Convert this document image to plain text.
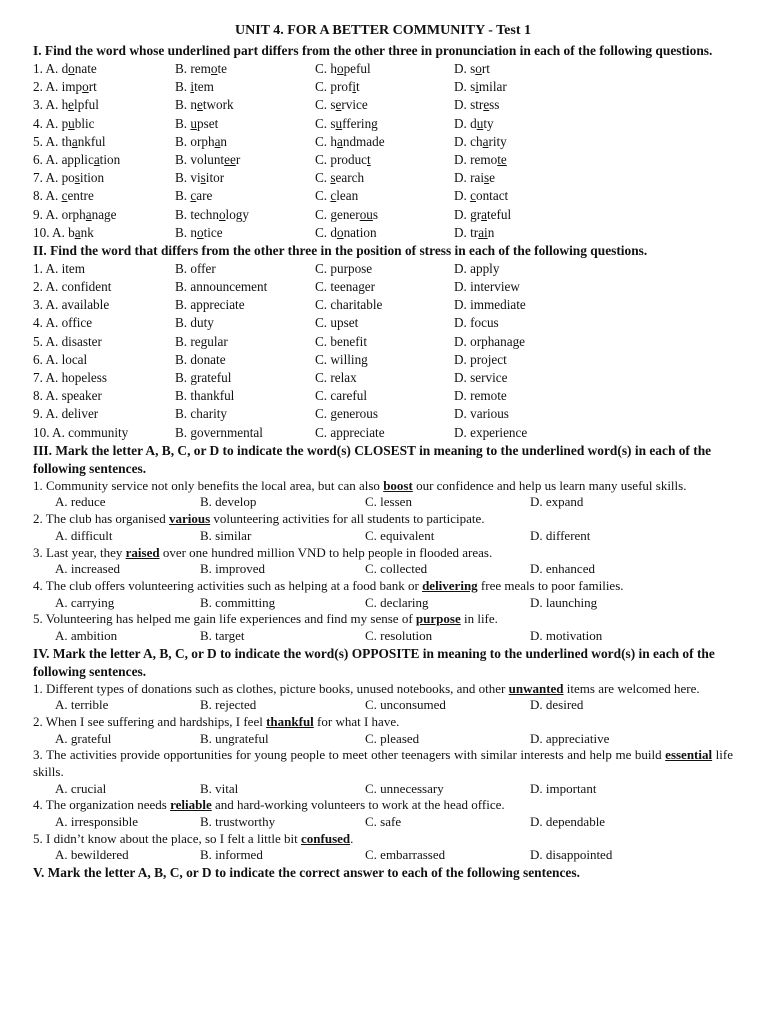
UNIT 4. FOR A BETTER COMMUNITY - Test 1
I. Find the word whose underlined part differs from the other three in pronunciation in each of the following questions.
1. A. donate	B. remote	C. hopeful	D. sort
2. A. import	B. item	C. profit	D. similar
3. A. helpful	B. network	C. service	D. stress
4. A. public	B. upset	C. suffering	D. duty
5. A. thankful	B. orphan	C. handmade	D. charity
6. A. application	B. volunteer	C. product	D. remote
7. A. position	B. visitor	C. search	D. raise
8. A. centre	B. care	C. clean	D. contact
9. A. orphanage	B. technology	C. generous	D. grateful
10. A. bank	B. notice	C. donation	D. train
II. Find the word that differs from the other three in the position of stress in each of the following questions.
1. A. item	B. offer	C. purpose	D. apply
2. A. confident	B. announcement	C. teenager	D. interview
3. A. available	B. appreciate	C. charitable	D. immediate
4. A. office	B. duty	C. upset	D. focus
5. A. disaster	B. regular	C. benefit	D. orphanage
6. A. local	B. donate	C. willing	D. project
7. A. hopeless	B. grateful	C. relax	D. service
8. A. speaker	B. thankful	C. careful	D. remote
9. A. deliver	B. charity	C. generous	D. various
10. A. community	B. governmental	C. appreciate	D. experience
III. Mark the letter A, B, C, or D to indicate the word(s) CLOSEST in meaning to the underlined word(s) in each of the following sentences.
1. Community service not only benefits the local area, but can also boost our confidence and help us learn many useful skills.
A. reduce	B. develop	C. lessen	D. expand
2. The club has organised various volunteering activities for all students to participate.
A. difficult	B. similar	C. equivalent	D. different
3. Last year, they raised over one hundred million VND to help people in flooded areas.
A. increased	B. improved	C. collected	D. enhanced
4. The club offers volunteering activities such as helping at a food bank or delivering free meals to poor families.
A. carrying	B. committing	C. declaring	D. launching
5. Volunteering has helped me gain life experiences and find my sense of purpose in life.
A. ambition	B. target	C. resolution	D. motivation
IV. Mark the letter A, B, C, or D to indicate the word(s) OPPOSITE in meaning to the underlined word(s) in each of the following sentences.
1. Different types of donations such as clothes, picture books, unused notebooks, and other unwanted items are welcomed here.
A. terrible	B. rejected	C. unconsumed	D. desired
2. When I see suffering and hardships, I feel thankful for what I have.
A. grateful	B. ungrateful	C. pleased	D. appreciative
3. The activities provide opportunities for young people to meet other teenagers with similar interests and help me build essential life skills.
A. crucial	B. vital	C. unnecessary	D. important
4. The organization needs reliable and hard-working volunteers to work at the head office.
A. irresponsible	B. trustworthy	C. safe	D. dependable
5. I didn’t know about the place, so I felt a little bit confused.
A. bewildered	B. informed	C. embarrassed	D. disappointed
V. Mark the letter A, B, C, or D to indicate the correct answer to each of the following sentences.
